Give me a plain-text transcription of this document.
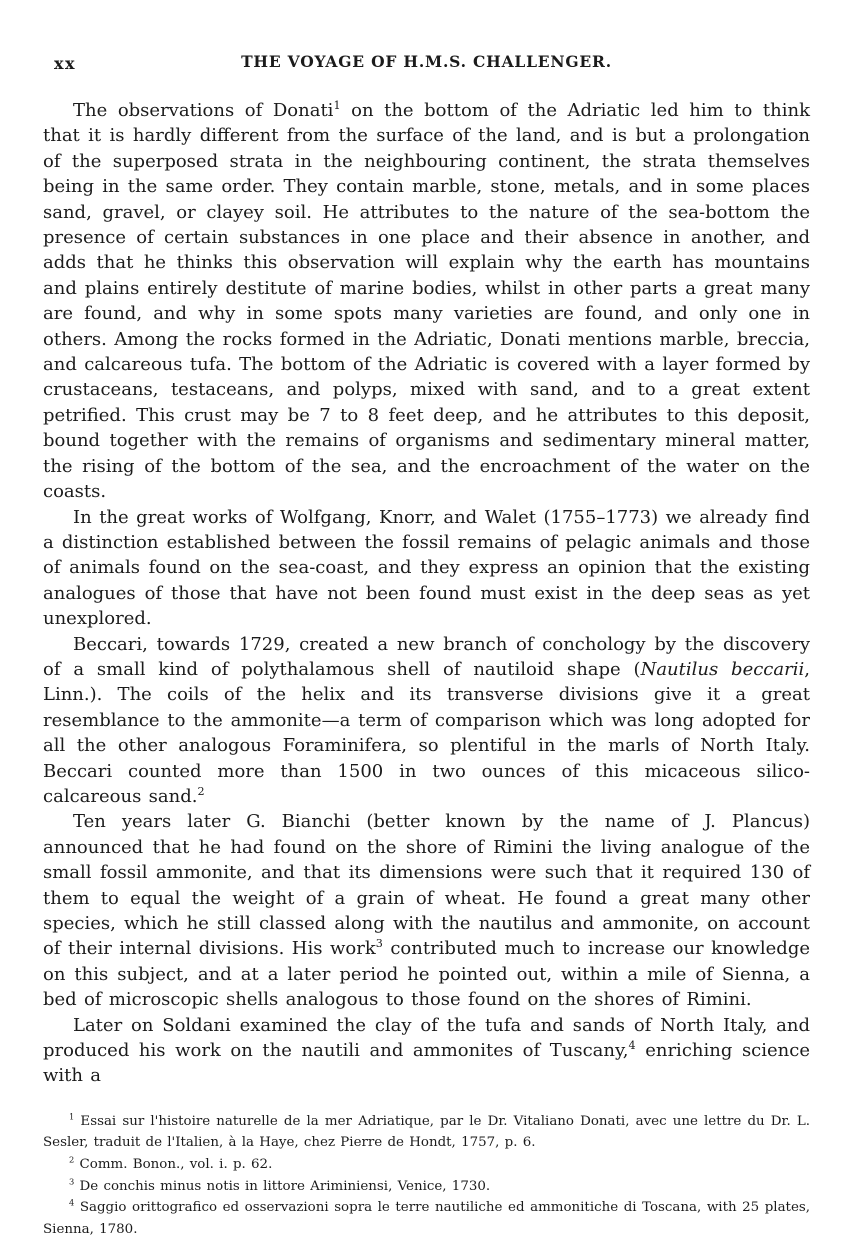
xx	THE VOYAGE OF H.M.S. CHALLENGER.

The observations of Donati$^1$ on the bottom of the Adriatic led him to think that it is hardly different from the surface of the land, and is but a prolongation of the superposed strata in the neighbouring continent, the strata themselves being in the same order. They contain marble, stone, metals, and in some places sand, gravel, or clayey soil. He attributes to the nature of the sea-bottom the presence of certain substances in one place and their absence in another, and adds that he thinks this observation will explain why the earth has mountains and plains entirely destitute of marine bodies, whilst in other parts a great many are found, and why in some spots many varieties are found, and only one in others. Among the rocks formed in the Adriatic, Donati mentions marble, breccia, and calcareous tufa. The bottom of the Adriatic is covered with a layer formed by crustaceans, testaceans, and polyps, mixed with sand, and to a great extent petrified. This crust may be 7 to 8 feet deep, and he attributes to this deposit, bound together with the remains of organisms and sedimentary mineral matter, the rising of the bottom of the sea, and the encroachment of the water on the coasts.

In the great works of Wolfgang, Knorr, and Walet (1755–1773) we already find a distinction established between the fossil remains of pelagic animals and those of animals found on the sea-coast, and they express an opinion that the existing analogues of those that have not been found must exist in the deep seas as yet unexplored.

Beccari, towards 1729, created a new branch of conchology by the discovery of a small kind of polythalamous shell of nautiloid shape (Nautilus beccarii, Linn.). The coils of the helix and its transverse divisions give it a great resemblance to the ammonite—a term of comparison which was long adopted for all the other analogous Foraminifera, so plentiful in the marls of North Italy. Beccari counted more than 1500 in two ounces of this micaceous silico-calcareous sand.$^2$

Ten years later G. Bianchi (better known by the name of J. Plancus) announced that he had found on the shore of Rimini the living analogue of the small fossil ammonite, and that its dimensions were such that it required 130 of them to equal the weight of a grain of wheat. He found a great many other species, which he still classed along with the nautilus and ammonite, on account of their internal divisions. His work$^3$ contributed much to increase our knowledge on this subject, and at a later period he pointed out, within a mile of Sienna, a bed of microscopic shells analogous to those found on the shores of Rimini.

Later on Soldani examined the clay of the tufa and sands of North Italy, and produced his work on the nautili and ammonites of Tuscany,$^4$ enriching science with a

$^1$ Essai sur l'histoire naturelle de la mer Adriatique, par le Dr. Vitaliano Donati, avec une lettre du Dr. L. Sesler, traduit de l'Italien, à la Haye, chez Pierre de Hondt, 1757, p. 6.

$^2$ Comm. Bonon., vol. i. p. 62.

$^3$ De conchis minus notis in littore Ariminiensi, Venice, 1730.

$^4$ Saggio orittografico ed osservazioni sopra le terre nautiliche ed ammonitiche di Toscana, with 25 plates, Sienna, 1780.
